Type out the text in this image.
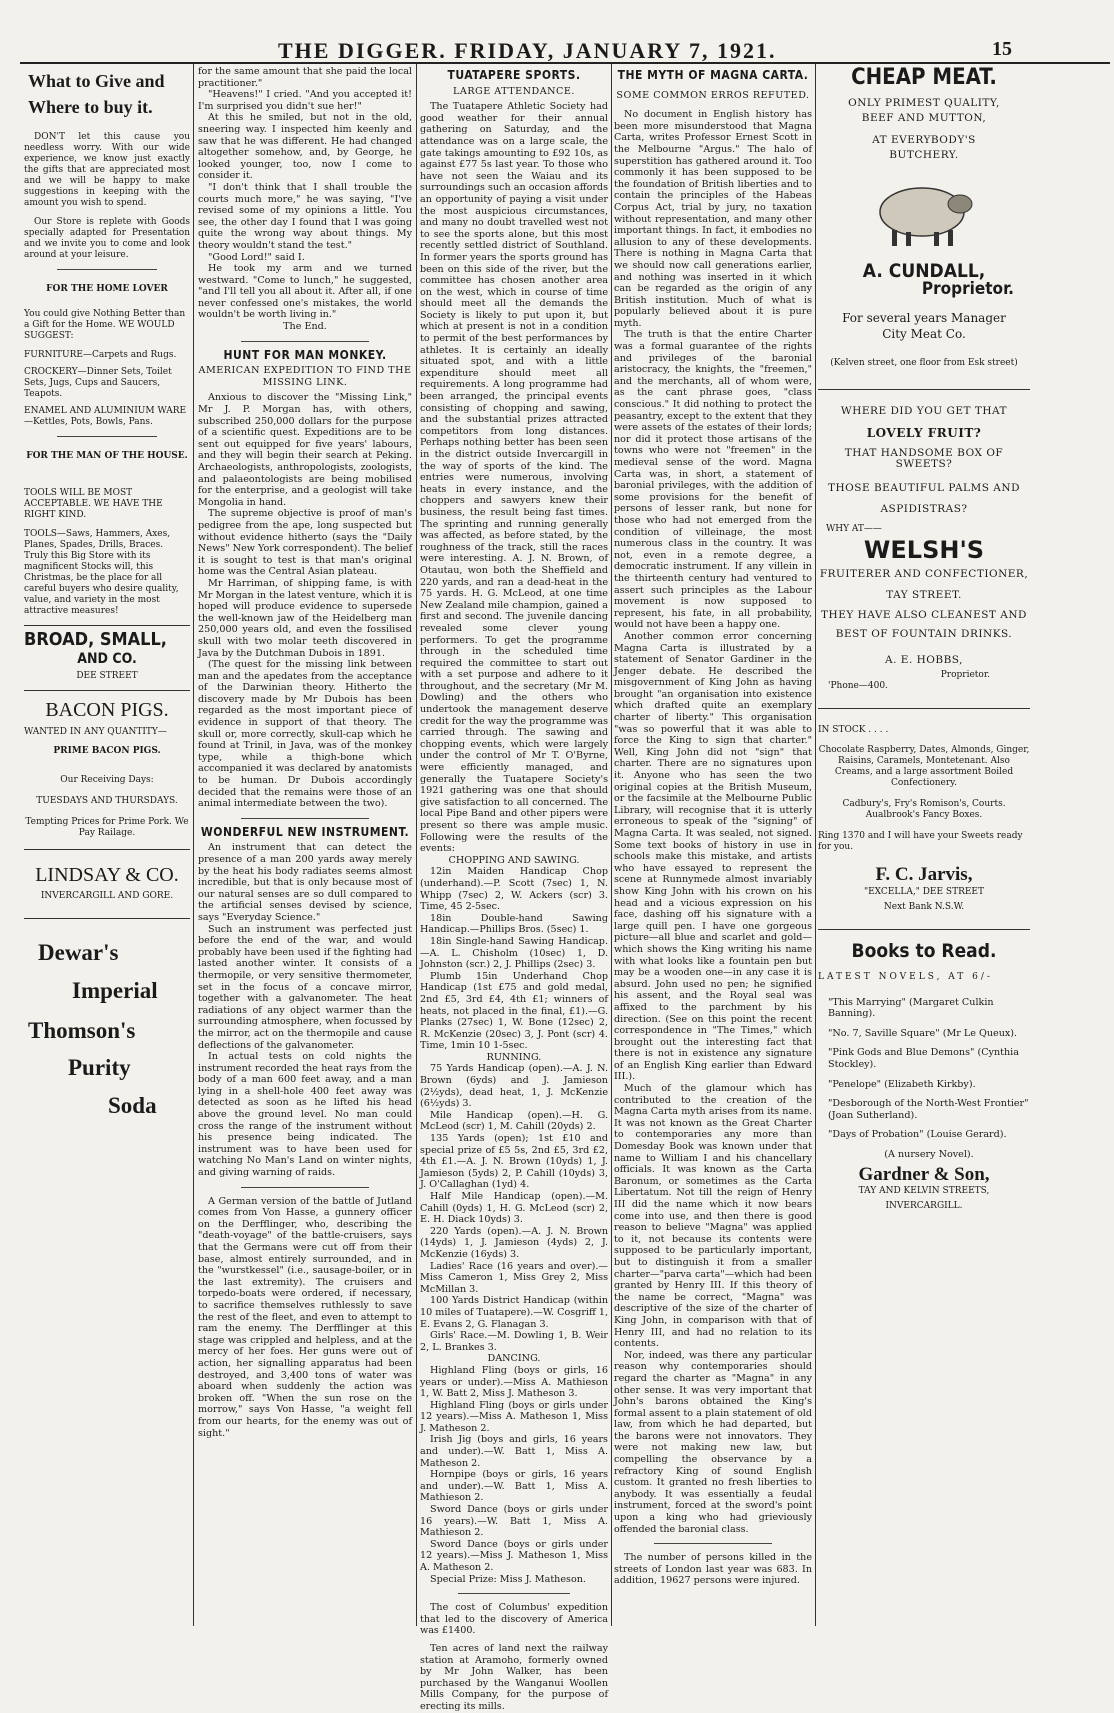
THE DIGGER. FRIDAY, JANUARY 7, 1921.	15
What to Give and Where to buy it.

DON'T let this cause you needless worry. With our wide experience, we know just exactly the gifts that are appreciated most and we will be happy to make suggestions in keeping with the amount you wish to spend.

Our Store is replete with Goods specially adapted for Presentation and we invite you to come and look around at your leisure.

FOR THE HOME LOVER

You could give Nothing Better than a Gift for the Home. WE WOULD SUGGEST:

FURNITURE—Carpets and Rugs.

CROCKERY—Dinner Sets, Toilet Sets, Jugs, Cups and Saucers, Teapots.

ENAMEL AND ALUMINIUM WARE—Kettles, Pots, Bowls, Pans.

FOR THE MAN OF THE HOUSE.

TOOLS WILL BE MOST ACCEPTABLE. WE HAVE THE RIGHT KIND.

TOOLS—Saws, Hammers, Axes, Planes, Spades, Drills, Braces. Truly this Big Store with its magnificent Stocks will, this Christmas, be the place for all careful buyers who desire quality, value, and variety in the most attractive measures!

BROAD, SMALL,
AND CO.
DEE STREET
BACON PIGS.
WANTED IN ANY QUANTITY—
PRIME BACON PIGS.
Our Receiving Days:
TUESDAYS AND THURSDAYS.
Tempting Prices for Prime Pork. We Pay Railage.
LINDSAY & CO.
INVERCARGILL AND GORE.
Dewar's
Imperial
Thomson's
Purity
Soda

for the same amount that she paid the local practitioner."

"Heavens!" I cried. "And you accepted it! I'm surprised you didn't sue her!"

At this he smiled, but not in the old, sneering way. I inspected him keenly and saw that he was different. He had changed altogether somehow, and, by George, he looked younger, too, now I come to consider it.

"I don't think that I shall trouble the courts much more," he was saying, "I've revised some of my opinions a little. You see, the other day I found that I was going quite the wrong way about things. My theory wouldn't stand the test."

"Good Lord!" said I.

He took my arm and we turned westward. "Come to lunch," he suggested, "and I'll tell you all about it. After all, if one never confessed one's mistakes, the world wouldn't be worth living in."

The End.
HUNT FOR MAN MONKEY.
AMERICAN EXPEDITION TO FIND THE MISSING LINK.

Anxious to discover the "Missing Link," Mr J. P. Morgan has, with others, subscribed 250,000 dollars for the purpose of a scientific quest. Expeditions are to be sent out equipped for five years' labours, and they will begin their search at Peking. Archaeologists, anthropologists, zoologists, and palaeontologists are being mobilised for the enterprise, and a geologist will take Mongolia in hand.

The supreme objective is proof of man's pedigree from the ape, long suspected but without evidence hitherto (says the "Daily News" New York correspondent). The belief it is sought to test is that man's original home was the Central Asian plateau.

Mr Harriman, of shipping fame, is with Mr Morgan in the latest venture, which it is hoped will produce evidence to supersede the well-known jaw of the Heidelberg man 250,000 years old, and even the fossilised skull with two molar teeth discovered in Java by the Dutchman Dubois in 1891.

(The quest for the missing link between man and the apedates from the acceptance of the Darwinian theory. Hitherto the discovery made by Mr Dubois has been regarded as the most important piece of evidence in support of that theory. The skull or, more correctly, skull-cap which he found at Trinil, in Java, was of the monkey type, while a thigh-bone which accompanied it was declared by anatomists to be human. Dr Dubois accordingly decided that the remains were those of an animal intermediate between the two).

WONDERFUL NEW INSTRUMENT.

An instrument that can detect the presence of a man 200 yards away merely by the heat his body radiates seems almost incredible, but that is only because most of our natural senses are so dull compared to the artificial senses devised by science, says "Everyday Science."

Such an instrument was perfected just before the end of the war, and would probably have been used if the fighting had lasted another winter. It consists of a thermopile, or very sensitive thermometer, set in the focus of a concave mirror, together with a galvanometer. The heat radiations of any object warmer than the surrounding atmosphere, when focussed by the mirror, act on the thermopile and cause deflections of the galvanometer.

In actual tests on cold nights the instrument recorded the heat rays from the body of a man 600 feet away, and a man lying in a shell-hole 400 feet away was detected as soon as he lifted his head above the ground level. No man could cross the range of the instrument without his presence being indicated. The instrument was to have been used for watching No Man's Land on winter nights, and giving warning of raids.

A German version of the battle of Jutland comes from Von Hasse, a gunnery officer on the Derfflinger, who, describing the "death-voyage" of the battle-cruisers, says that the Germans were cut off from their base, almost entirely surrounded, and in the "wurstkessel" (i.e., sausage-boiler, or in the last extremity). The cruisers and torpedo-boats were ordered, if necessary, to sacrifice themselves ruthlessly to save the rest of the fleet, and even to attempt to ram the enemy. The Derfflinger at this stage was crippled and helpless, and at the mercy of her foes. Her guns were out of action, her signalling apparatus had been destroyed, and 3,400 tons of water was aboard when suddenly the action was broken off. "When the sun rose on the morrow," says Von Hasse, "a weight fell from our hearts, for the enemy was out of sight."

TUATAPERE SPORTS.
LARGE ATTENDANCE.

The Tuatapere Athletic Society had good weather for their annual gathering on Saturday, and the attendance was on a large scale, the gate takings amounting to £92 10s, as against £77 5s last year. To those who have not seen the Waiau and its surroundings such an occasion affords an opportunity of paying a visit under the most auspicious circumstances, and many no doubt travelled west not to see the sports alone, but this most recently settled district of Southland. In former years the sports ground has been on this side of the river, but the committee has chosen another area on the west, which in course of time should meet all the demands the Society is likely to put upon it, but which at present is not in a condition to permit of the best performances by athletes. It is certainly an ideally situated spot, and with a little expenditure should meet all requirements. A long programme had been arranged, the principal events consisting of chopping and sawing, and the substantial prizes attracted competitors from long distances. Perhaps nothing better has been seen in the district outside Invercargill in the way of sports of the kind. The entries were numerous, involving heats in every instance, and the choppers and sawyers knew their business, the result being fast times. The sprinting and running generally was affected, as before stated, by the roughness of the track, still the races were interesting. A. J. N. Brown, of Otautau, won both the Sheffield and 220 yards, and ran a dead-heat in the 75 yards. H. G. McLeod, at one time New Zealand mile champion, gained a first and second. The juvenile dancing revealed some clever young performers. To get the programme through in the scheduled time required the committee to start out with a set purpose and adhere to it throughout, and the secretary (Mr M. Dowling) and the others who undertook the management deserve credit for the way the programme was carried through. The sawing and chopping events, which were largely under the control of Mr T. O'Byrne, were efficiently managed, and generally the Tuatapere Society's 1921 gathering was one that should give satisfaction to all concerned. The local Pipe Band and other pipers were present so there was ample music. Following were the results of the events:

CHOPPING AND SAWING.

12in Maiden Handicap Chop (underhand).—P. Scott (7sec) 1, N. Whipp (7sec) 2, W. Ackers (scr) 3. Time, 45 2-5sec.

18in Double-hand Sawing Handicap.—Phillips Bros. (5sec) 1.

18in Single-hand Sawing Handicap.—A. L. Chisholm (10sec) 1, D. Johnston (scr.) 2, J. Phillips (2sec) 3.

Plumb 15in Underhand Chop Handicap (1st £75 and gold medal, 2nd £5, 3rd £4, 4th £1; winners of heats, not placed in the final, £1).—G. Planks (27sec) 1, W. Bone (12sec) 2, R. McKenzie (20sec) 3, J. Pont (scr) 4. Time, 1min 10 1-5sec.

RUNNING.

75 Yards Handicap (open).—A. J. N. Brown (6yds) and J. Jamieson (2½yds), dead heat, 1, J. McKenzie (6½yds) 3.

Mile Handicap (open).—H. G. McLeod (scr) 1, M. Cahill (20yds) 2.

135 Yards (open); 1st £10 and special prize of £5 5s, 2nd £5, 3rd £2, 4th £1.—A. J. N. Brown (10yds) 1, J. Jamieson (5yds) 2, P. Cahill (10yds) 3, J. O'Callaghan (1yd) 4.

Half Mile Handicap (open).—M. Cahill (0yds) 1, H. G. McLeod (scr) 2, E. H. Diack 10yds) 3.

220 Yards (open).—A. J. N. Brown (14yds) 1, J. Jamieson (4yds) 2, J. McKenzie (16yds) 3.

Ladies' Race (16 years and over).—Miss Cameron 1, Miss Grey 2, Miss McMillan 3.

100 Yards District Handicap (within 10 miles of Tuatapere).—W. Cosgriff 1, E. Evans 2, G. Flanagan 3.

Girls' Race.—M. Dowling 1, B. Weir 2, L. Brankes 3.

DANCING.

Highland Fling (boys or girls, 16 years or under).—Miss A. Mathieson 1, W. Batt 2, Miss J. Matheson 3.

Highland Fling (boys or girls under 12 years).—Miss A. Matheson 1, Miss J. Matheson 2.

Irish Jig (boys and girls, 16 years and under).—W. Batt 1, Miss A. Matheson 2.

Hornpipe (boys or girls, 16 years and under).—W. Batt 1, Miss A. Mathieson 2.

Sword Dance (boys or girls under 16 years).—W. Batt 1, Miss A. Mathieson 2.

Sword Dance (boys or girls under 12 years).—Miss J. Matheson 1, Miss A. Matheson 2.

Special Prize: Miss J. Matheson.

The cost of Columbus' expedition that led to the discovery of America was £1400.

Ten acres of land next the railway station at Aramoho, formerly owned by Mr John Walker, has been purchased by the Wanganui Woollen Mills Company, for the purpose of erecting its mills.

THE MYTH OF MAGNA CARTA.
SOME COMMON ERROS REFUTED.

No document in English history has been more misunderstood that Magna Carta, writes Professor Ernest Scott in the Melbourne "Argus." The halo of superstition has gathered around it. Too commonly it has been supposed to be the foundation of British liberties and to contain the principles of the Habeas Corpus Act, trial by jury, no taxation without representation, and many other important things. In fact, it embodies no allusion to any of these developments. There is nothing in Magna Carta that we should now call generations earlier, and nothing was inserted in it which can be regarded as the origin of any British institution. Much of what is popularly believed about it is pure myth.

The truth is that the entire Charter was a formal guarantee of the rights and privileges of the baronial aristocracy, the knights, the "freemen," and the merchants, all of whom were, as the cant phrase goes, "class conscious." It did nothing to protect the peasantry, except to the extent that they were assets of the estates of their lords; nor did it protect those artisans of the towns who were not "freemen" in the medieval sense of the word. Magna Carta was, in short, a statement of baronial privileges, with the addition of some provisions for the benefit of persons of lesser rank, but none for those who had not emerged from the condition of villeinage, the most numerous class in the country. It was not, even in a remote degree, a democratic instrument. If any villein in the thirteenth century had ventured to assert such principles as the Labour movement is now supposed to represent, his fate, in all probability, would not have been a happy one.

Another common error concerning Magna Carta is illustrated by a statement of Senator Gardiner in the Jenger debate. He described the misgovernment of King John as having brought "an organisation into existence which drafted quite an exemplary charter of liberty." This organisation "was so powerful that it was able to force the King to sign that charter." Well, King John did not "sign" that charter. There are no signatures upon it. Anyone who has seen the two original copies at the British Museum, or the facsimile at the Melbourne Public Library, will recognise that it is utterly erroneous to speak of the "signing" of Magna Carta. It was sealed, not signed. Some text books of history in use in schools make this mistake, and artists who have essayed to represent the scene at Runnymede almost invariably show King John with his crown on his head and a vicious expression on his face, dashing off his signature with a large quill pen. I have one gorgeous picture—all blue and scarlet and gold—which shows the King writing his name with what looks like a fountain pen but may be a wooden one—in any case it is absurd. John used no pen; he signified his assent, and the Royal seal was affixed to the parchment by his direction. (See on this point the recent correspondence in "The Times," which brought out the interesting fact that there is not in existence any signature of an English King earlier than Edward III.).

Much of the glamour which has contributed to the creation of the Magna Carta myth arises from its name. It was not known as the Great Charter to contemporaries any more than Domesday Book was known under that name to William I and his chancellary officials. It was known as the Carta Baronum, or sometimes as the Carta Libertatum. Not till the reign of Henry III did the name which it now bears come into use, and then there is good reason to believe "Magna" was applied to it, not because its contents were supposed to be particularly important, but to distinguish it from a smaller charter—"parva carta"—which had been granted by Henry III. If this theory of the name be correct, "Magna" was descriptive of the size of the charter of King John, in comparison with that of Henry III, and had no relation to its contents.

Nor, indeed, was there any particular reason why contemporaries should regard the charter as "Magna" in any other sense. It was very important that John's barons obtained the King's formal assent to a plain statement of old law, from which he had departed, but the barons were not innovators. They were not making new law, but compelling the observance by a refractory King of sound English custom. It granted no fresh liberties to anybody. It was essentially a feudal instrument, forced at the sword's point upon a king who had grieviously offended the baronial class.

The number of persons killed in the streets of London last year was 683. In addition, 19627 persons were injured.

CHEAP MEAT.
ONLY PRIMEST QUALITY,
BEEF AND MUTTON,
AT EVERYBODY'S
BUTCHERY.
A. CUNDALL,
Proprietor.
For several years Manager
City Meat Co.
(Kelven street, one floor from Esk street)
WHERE DID YOU GET THAT
LOVELY FRUIT?
THAT HANDSOME BOX OF SWEETS?
THOSE BEAUTIFUL PALMS AND
ASPIDISTRAS?
WHY AT——
WELSH'S
FRUITERER AND CONFECTIONER,
TAY STREET.
THEY HAVE ALSO CLEANEST AND
BEST OF FOUNTAIN DRINKS.
A. E. HOBBS,
Proprietor.
'Phone—400.
IN STOCK . . . .

Chocolate Raspberry, Dates, Almonds, Ginger, Raisins, Caramels, Montetenant. Also Creams, and a large assortment Boiled Confectionery.

Cadbury's, Fry's Romison's, Courts. Aualbrook's Fancy Boxes.

Ring 1370 and I will have your Sweets ready for you.

F. C. Jarvis,
"EXCELLA," DEE STREET
Next Bank N.S.W.
Books to Read.
LATEST NOVELS, AT 6/-

"This Marrying" (Margaret Culkin Banning).

"No. 7, Saville Square" (Mr Le Queux).

"Pink Gods and Blue Demons" (Cynthia Stockley).

"Penelope" (Elizabeth Kirkby).

"Desborough of the North-West Frontier" (Joan Sutherland).

"Days of Probation" (Louise Gerard).

(A nursery Novel).

Gardner & Son,
TAY AND KELVIN STREETS,
INVERCARGILL.
